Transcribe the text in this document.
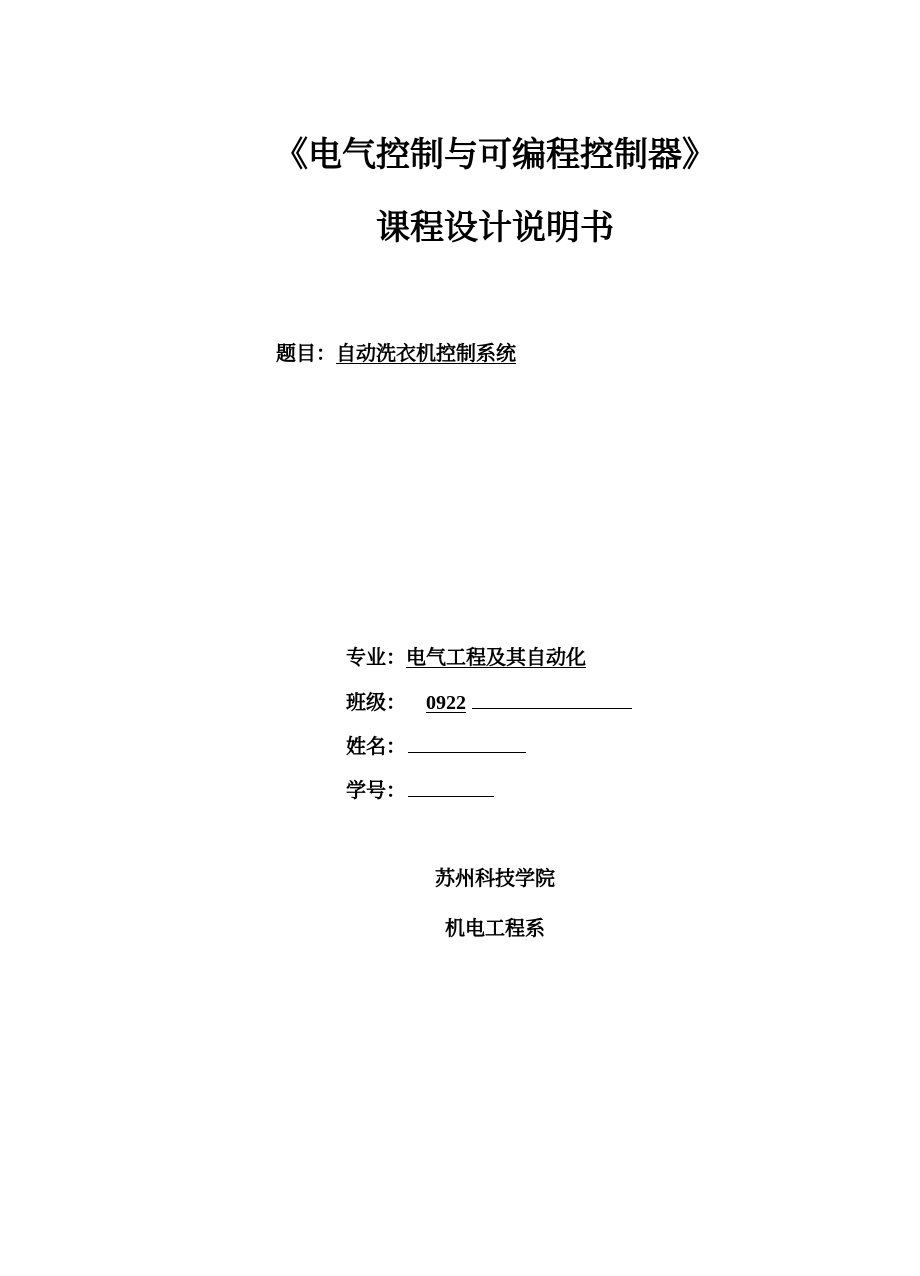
《电气控制与可编程控制器》
课程设计说明书
题目：自动洗衣机控制系统
专业：电气工程及其自动化
班级： 0922
姓名：
学号：
苏州科技学院
机电工程系
